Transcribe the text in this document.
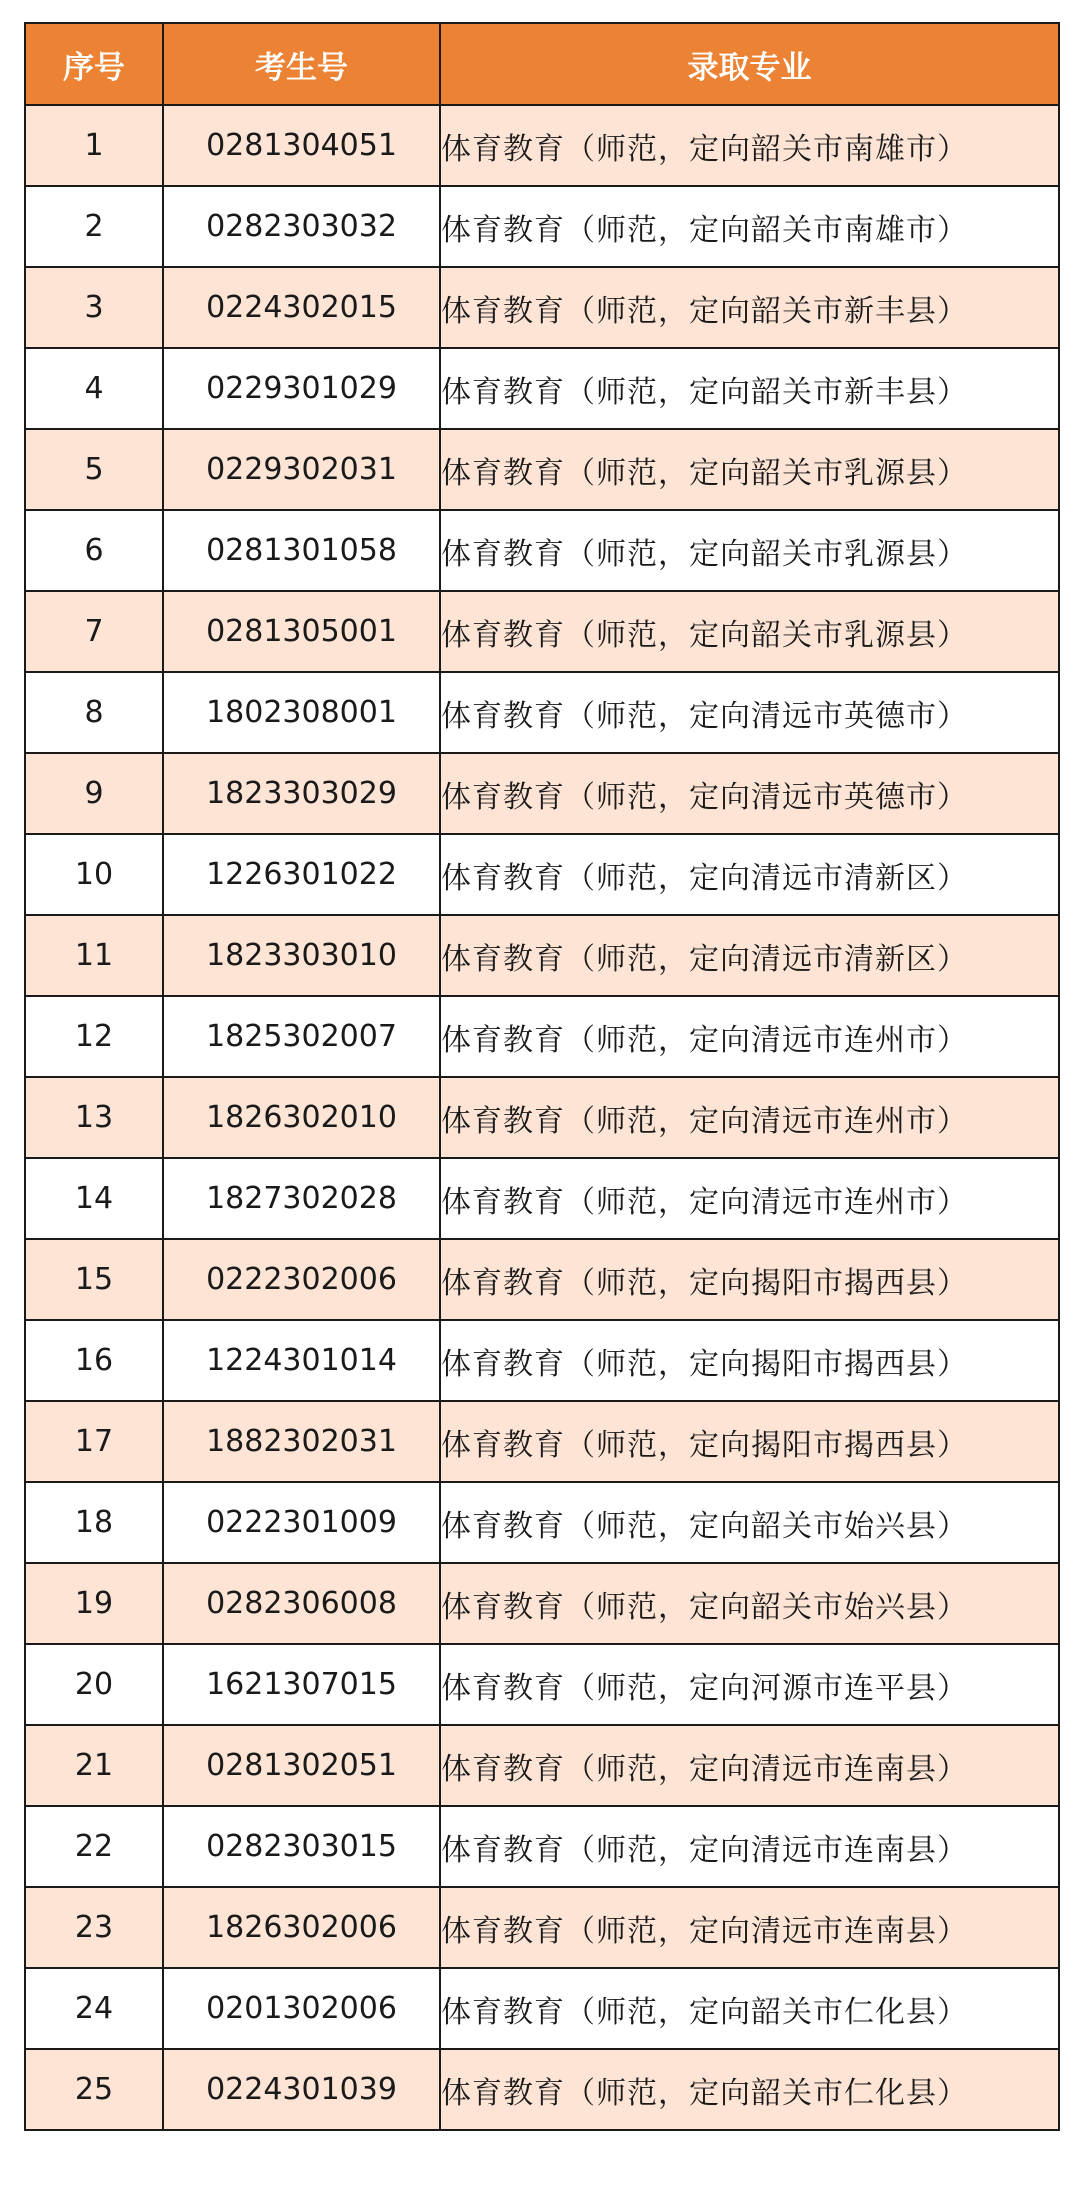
序号	考生号	录取专业
1	0281304051	体育教育（师范，定向韶关市南雄市）
2	0282303032	体育教育（师范，定向韶关市南雄市）
3	0224302015	体育教育（师范，定向韶关市新丰县）
4	0229301029	体育教育（师范，定向韶关市新丰县）
5	0229302031	体育教育（师范，定向韶关市乳源县）
6	0281301058	体育教育（师范，定向韶关市乳源县）
7	0281305001	体育教育（师范，定向韶关市乳源县）
8	1802308001	体育教育（师范，定向清远市英德市）
9	1823303029	体育教育（师范，定向清远市英德市）
10	1226301022	体育教育（师范，定向清远市清新区）
11	1823303010	体育教育（师范，定向清远市清新区）
12	1825302007	体育教育（师范，定向清远市连州市）
13	1826302010	体育教育（师范，定向清远市连州市）
14	1827302028	体育教育（师范，定向清远市连州市）
15	0222302006	体育教育（师范，定向揭阳市揭西县）
16	1224301014	体育教育（师范，定向揭阳市揭西县）
17	1882302031	体育教育（师范，定向揭阳市揭西县）
18	0222301009	体育教育（师范，定向韶关市始兴县）
19	0282306008	体育教育（师范，定向韶关市始兴县）
20	1621307015	体育教育（师范，定向河源市连平县）
21	0281302051	体育教育（师范，定向清远市连南县）
22	0282303015	体育教育（师范，定向清远市连南县）
23	1826302006	体育教育（师范，定向清远市连南县）
24	0201302006	体育教育（师范，定向韶关市仁化县）
25	0224301039	体育教育（师范，定向韶关市仁化县）
